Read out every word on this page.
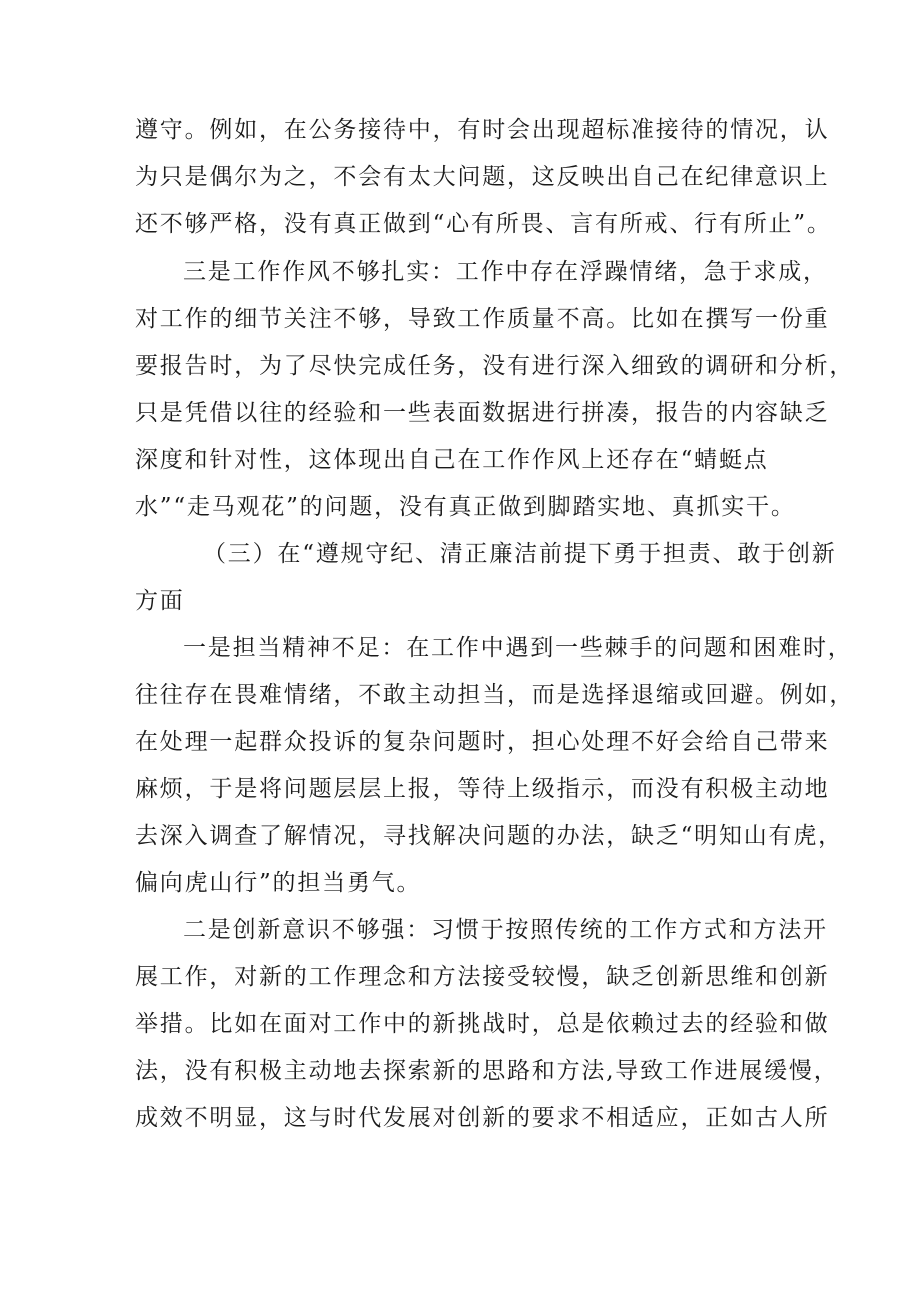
遵守。例如，在公务接待中，有时会出现超标准接待的情况，认
为只是偶尔为之，不会有太大问题，这反映出自己在纪律意识上
还不够严格，没有真正做到“心有所畏、言有所戒、行有所止”。
三是工作作风不够扎实：工作中存在浮躁情绪，急于求成，
对工作的细节关注不够，导致工作质量不高。比如在撰写一份重
要报告时，为了尽快完成任务，没有进行深入细致的调研和分析，
只是凭借以往的经验和一些表面数据进行拼凑，报告的内容缺乏
深度和针对性，这体现出自己在工作作风上还存在“蜻蜓点
水”“走马观花”的问题，没有真正做到脚踏实地、真抓实干。
（三）在“遵规守纪、清正廉洁前提下勇于担责、敢于创新
方面
一是担当精神不足：在工作中遇到一些棘手的问题和困难时，
往往存在畏难情绪，不敢主动担当，而是选择退缩或回避。例如，
在处理一起群众投诉的复杂问题时，担心处理不好会给自己带来
麻烦，于是将问题层层上报，等待上级指示，而没有积极主动地
去深入调查了解情况，寻找解决问题的办法，缺乏“明知山有虎，
偏向虎山行”的担当勇气。
二是创新意识不够强：习惯于按照传统的工作方式和方法开
展工作，对新的工作理念和方法接受较慢，缺乏创新思维和创新
举措。比如在面对工作中的新挑战时，总是依赖过去的经验和做
法，没有积极主动地去探索新的思路和方法,导致工作进展缓慢，
成效不明显，这与时代发展对创新的要求不相适应，正如古人所
